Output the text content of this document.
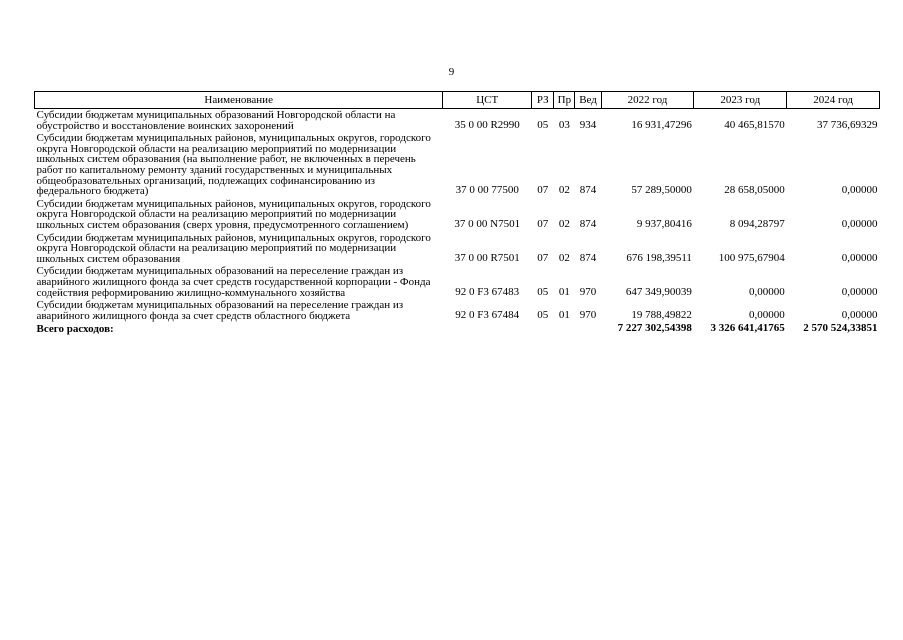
9
Наименование	ЦСТ	РЗ	Пр	Вед	2022 год	2023 год	2024 год
Субсидии бюджетам муниципальных образований Новгородской области на обустройство и восстановление воинских захоронений	35 0 00 R2990	05	03	934	16 931,47296	40 465,81570	37 736,69329
Субсидии бюджетам муниципальных районов, муниципальных округов, городского округа Новгородской области на реализацию мероприятий по модернизации школьных систем образования (на выполнение работ, не включенных в перечень работ по капитальному ремонту зданий государственных и муниципальных общеобразовательных организаций, подлежащих софинансированию из федерального бюджета)	37 0 00 77500	07	02	874	57 289,50000	28 658,05000	0,00000
Субсидии бюджетам муниципальных районов, муниципальных округов, городского округа Новгородской области на реализацию мероприятий по модернизации школьных систем образования (сверх уровня, предусмотренного соглашением)	37 0 00 N7501	07	02	874	9 937,80416	8 094,28797	0,00000
Субсидии бюджетам муниципальных районов, муниципальных округов, городского округа Новгородской области на реализацию мероприятий по модернизации школьных систем образования	37 0 00 R7501	07	02	874	676 198,39511	100 975,67904	0,00000
Субсидии бюджетам муниципальных образований на переселение граждан из аварийного жилищного фонда за счет средств государственной корпорации - Фонда содействия реформированию жилищно-коммунального хозяйства	92 0 F3 67483	05	01	970	647 349,90039	0,00000	0,00000
Субсидии бюджетам муниципальных образований на переселение граждан из аварийного жилищного фонда за счет средств областного бюджета	92 0 F3 67484	05	01	970	19 788,49822	0,00000	0,00000
Всего расходов:					7 227 302,54398	3 326 641,41765	2 570 524,33851
